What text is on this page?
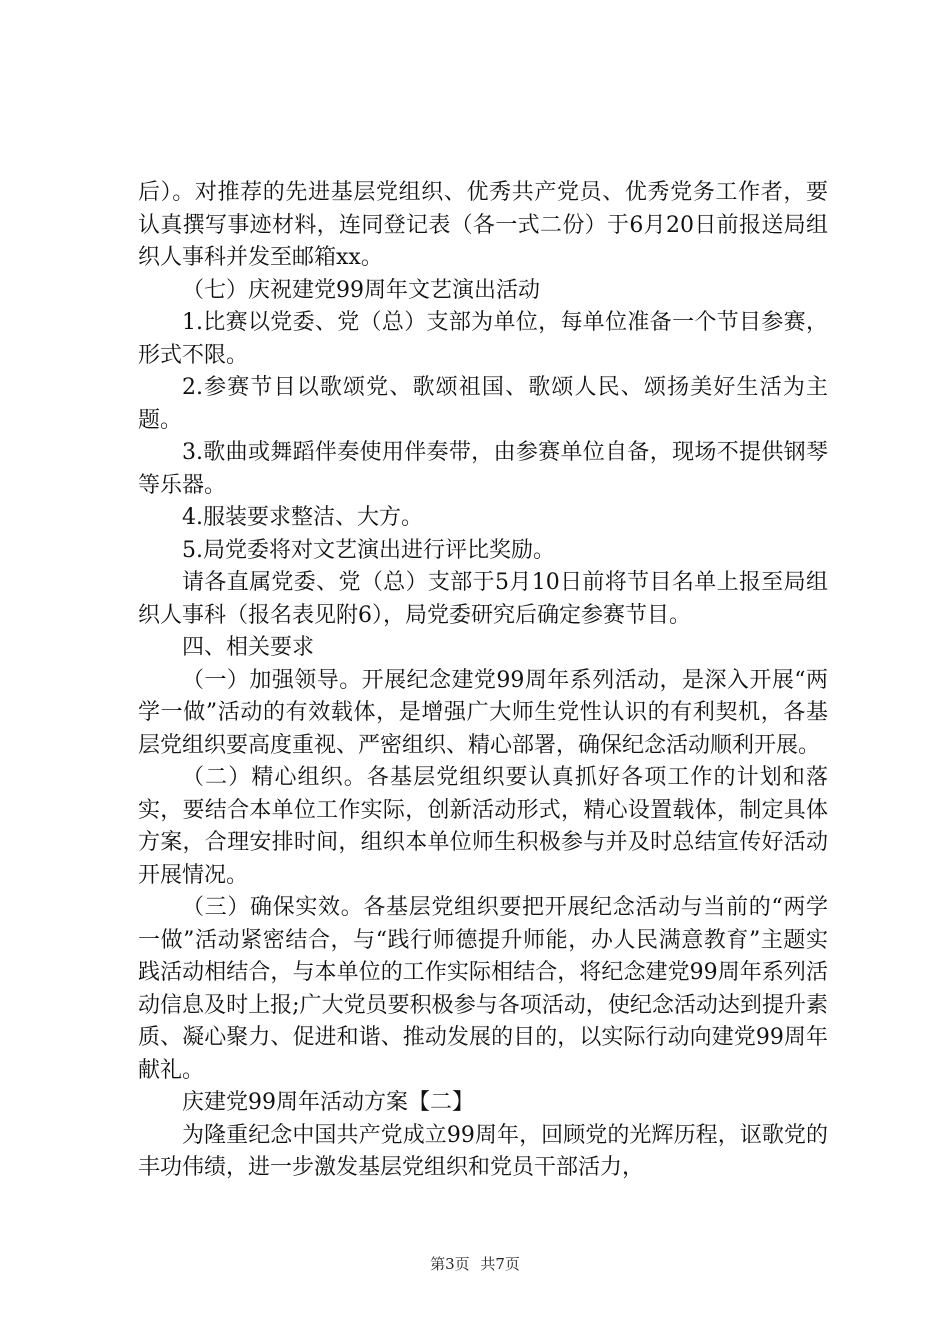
后）。对推荐的先进基层党组织、优秀共产党员、优秀党务工作者，要认真撰写事迹材料，连同登记表（各一式二份）于6月20日前报送局组织人事科并发至邮箱xx。

（七）庆祝建党99周年文艺演出活动

1.比赛以党委、党（总）支部为单位，每单位准备一个节目参赛，形式不限。

2.参赛节目以歌颂党、歌颂祖国、歌颂人民、颂扬美好生活为主题。

3.歌曲或舞蹈伴奏使用伴奏带，由参赛单位自备，现场不提供钢琴等乐器。

4.服装要求整洁、大方。

5.局党委将对文艺演出进行评比奖励。

请各直属党委、党（总）支部于5月10日前将节目名单上报至局组织人事科（报名表见附6），局党委研究后确定参赛节目。

四、相关要求

（一）加强领导。开展纪念建党99周年系列活动，是深入开展“两学一做”活动的有效载体，是增强广大师生党性认识的有利契机，各基层党组织要高度重视、严密组织、精心部署，确保纪念活动顺利开展。

（二）精心组织。各基层党组织要认真抓好各项工作的计划和落实，要结合本单位工作实际，创新活动形式，精心设置载体，制定具体方案，合理安排时间，组织本单位师生积极参与并及时总结宣传好活动开展情况。

（三）确保实效。各基层党组织要把开展纪念活动与当前的“两学一做”活动紧密结合，与“践行师德提升师能，办人民满意教育”主题实践活动相结合，与本单位的工作实际相结合，将纪念建党99周年系列活动信息及时上报;广大党员要积极参与各项活动，使纪念活动达到提升素质、凝心聚力、促进和谐、推动发展的目的，以实际行动向建党99周年献礼。

庆建党99周年活动方案【二】

为隆重纪念中国共产党成立99周年，回顾党的光辉历程，讴歌党的丰功伟绩，进一步激发基层党组织和党员干部活力，

第3页 共7页
